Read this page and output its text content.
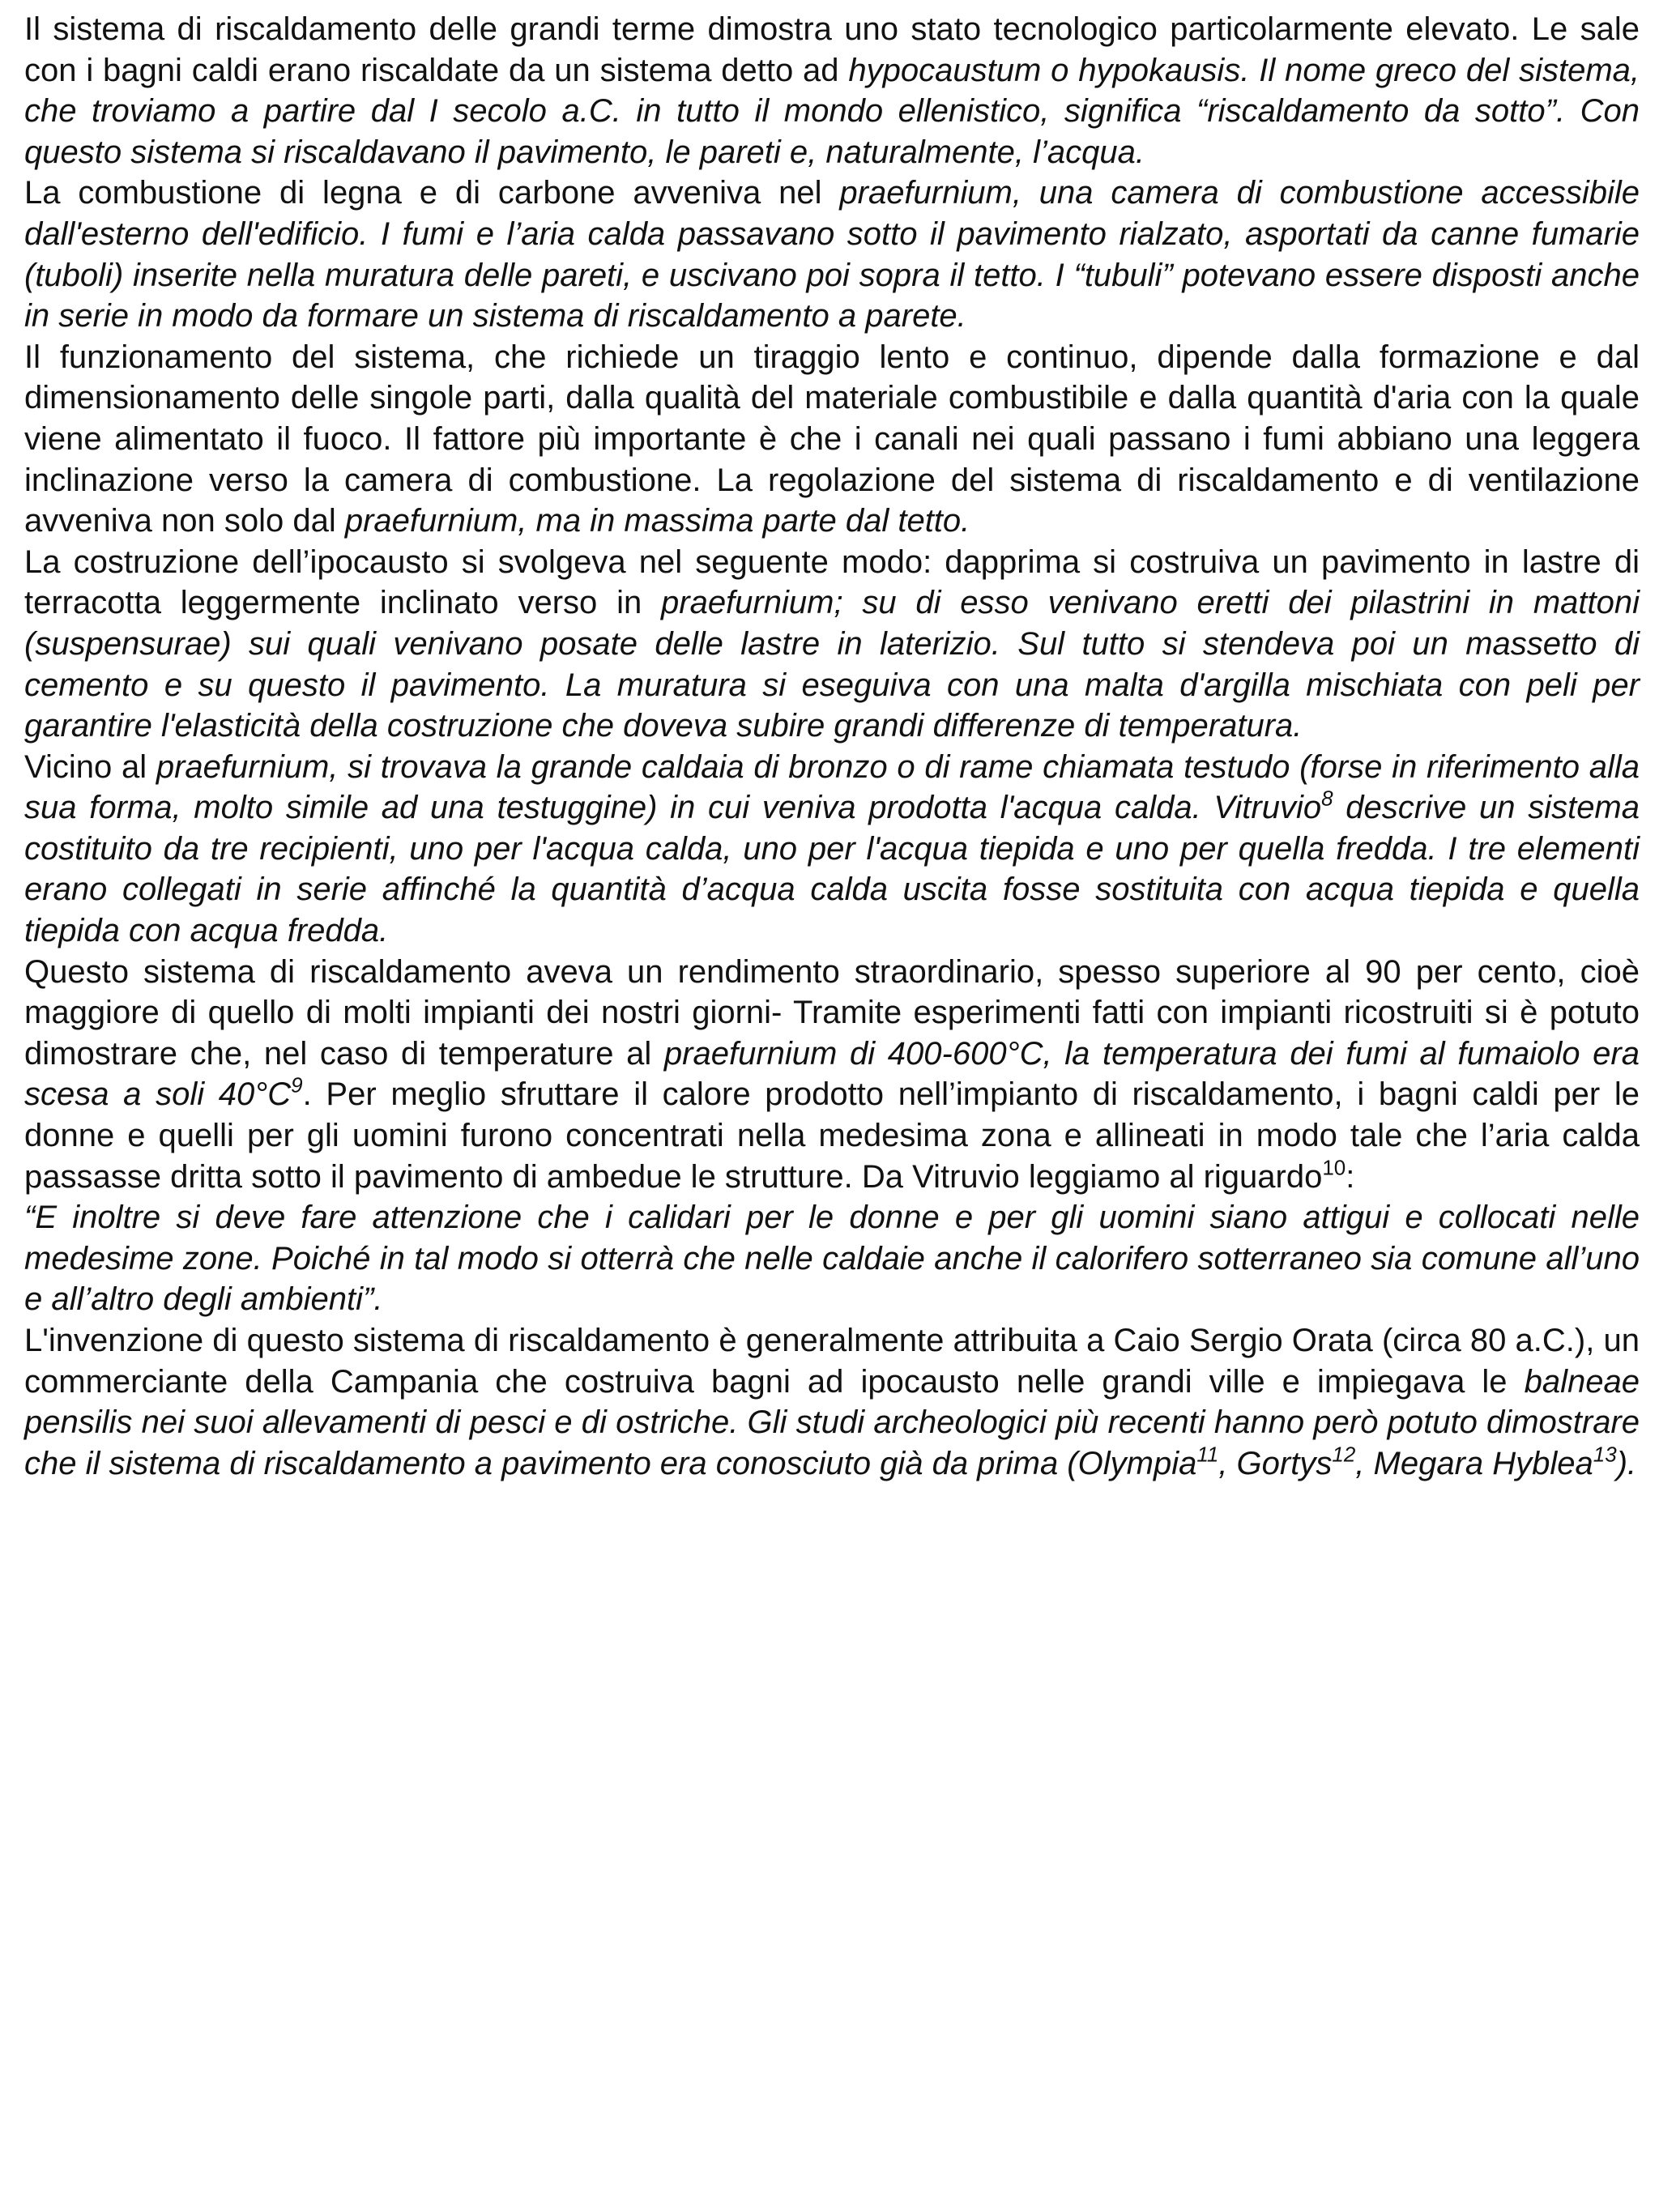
Il sistema di riscaldamento delle grandi terme dimostra uno stato tecnologico particolarmente elevato. Le sale con i bagni caldi erano riscaldate da un sistema detto ad hypocaustum o hypokausis. Il nome greco del sistema, che troviamo a partire dal I secolo a.C. in tutto il mondo ellenistico, significa “riscaldamento da sotto”. Con questo sistema si riscaldavano il pavimento, le pareti e, naturalmente, l’acqua.

La combustione di legna e di carbone avveniva nel praefurnium, una camera di combustione accessibile dall'esterno dell'edificio. I fumi e l’aria calda passavano sotto il pavimento rialzato, asportati da canne fumarie (tuboli) inserite nella muratura delle pareti, e uscivano poi sopra il tetto. I “tubuli” potevano essere disposti anche in serie in modo da formare un sistema di riscaldamento a parete.

Il funzionamento del sistema, che richiede un tiraggio lento e continuo, dipende dalla formazione e dal dimensionamento delle singole parti, dalla qualità del materiale combustibile e dalla quantità d'aria con la quale viene alimentato il fuoco. Il fattore più importante è che i canali nei quali passano i fumi abbiano una leggera inclinazione verso la camera di combustione. La regolazione del sistema di riscaldamento e di ventilazione avveniva non solo dal praefurnium, ma in massima parte dal tetto.

La costruzione dell’ipocausto si svolgeva nel seguente modo: dapprima si costruiva un pavimento in lastre di terracotta leggermente inclinato verso in praefurnium; su di esso venivano eretti dei pilastrini in mattoni (suspensurae) sui quali venivano posate delle lastre in laterizio. Sul tutto si stendeva poi un massetto di cemento e su questo il pavimento. La muratura si eseguiva con una malta d'argilla mischiata con peli per garantire l'elasticità della costruzione che doveva subire grandi differenze di temperatura.

Vicino al praefurnium, si trovava la grande caldaia di bronzo o di rame chiamata testudo (forse in riferimento alla sua forma, molto simile ad una testuggine) in cui veniva prodotta l'acqua calda. Vitruvio$^8$ descrive un sistema costituito da tre recipienti, uno per l'acqua calda, uno per l'acqua tiepida e uno per quella fredda. I tre elementi erano collegati in serie affinché la quantità d’acqua calda uscita fosse sostituita con acqua tiepida e quella tiepida con acqua fredda.

Questo sistema di riscaldamento aveva un rendimento straordinario, spesso superiore al 90 per cento, cioè maggiore di quello di molti impianti dei nostri giorni- Tramite esperimenti fatti con impianti ricostruiti si è potuto dimostrare che, nel caso di temperature al praefurnium di 400-600°C, la temperatura dei fumi al fumaiolo era scesa a soli $40^\circ C^9$. Per meglio sfruttare il calore prodotto nell’impianto di riscaldamento, i bagni caldi per le donne e quelli per gli uomini furono concentrati nella medesima zona e allineati in modo tale che l’aria calda passasse dritta sotto il pavimento di ambedue le strutture. Da Vitruvio leggiamo al riguardo$^{10}$:

“E inoltre si deve fare attenzione che i calidari per le donne e per gli uomini siano attigui e collocati nelle medesime zone. Poiché in tal modo si otterrà che nelle caldaie anche il calorifero sotterraneo sia comune all’uno e all’altro degli ambienti”.

L'invenzione di questo sistema di riscaldamento è generalmente attribuita a Caio Sergio Orata (circa 80 a.C.), un commerciante della Campania che costruiva bagni ad ipocausto nelle grandi ville e impiegava le balneae pensilis nei suoi allevamenti di pesci e di ostriche. Gli studi archeologici più recenti hanno però potuto dimostrare che il sistema di riscaldamento a pavimento era conosciuto già da prima (Olympia$^{11}$, Gortys$^{12}$, Megara Hyblea$^{13}$).
